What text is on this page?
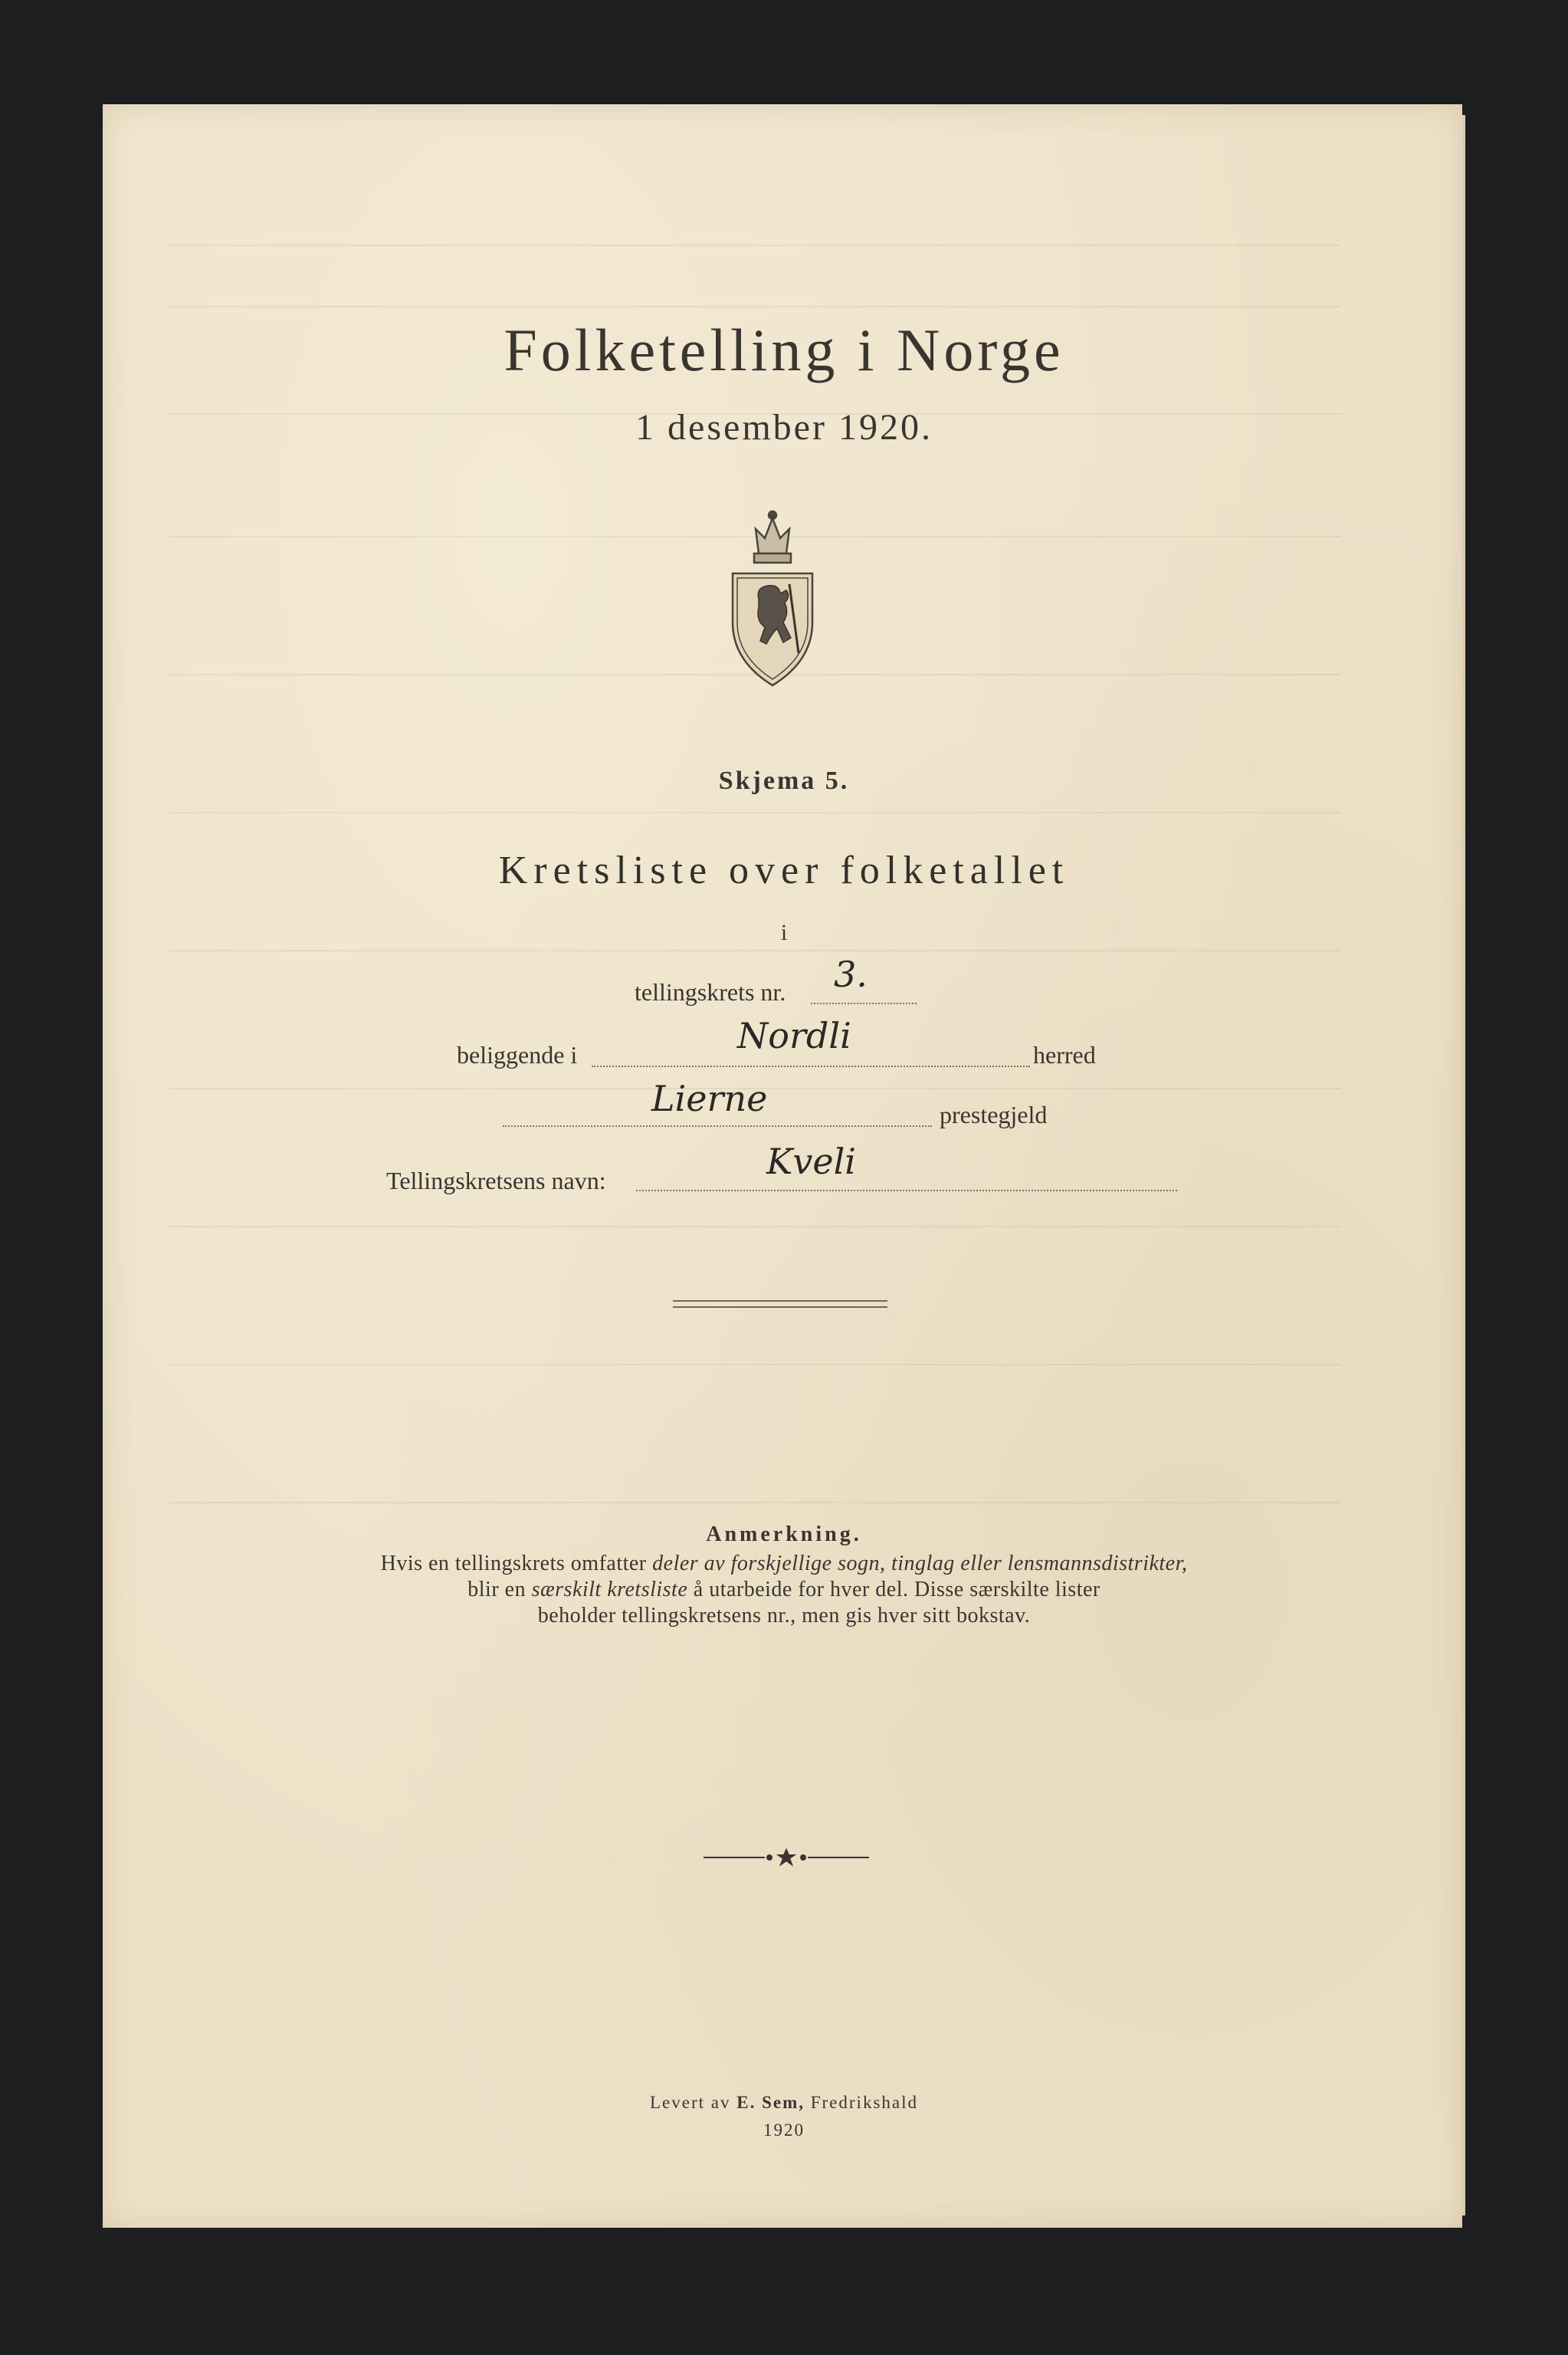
Folketelling i Norge
1 desember 1920.
Skjema 5.
Kretsliste over folketallet
i
tellingskrets nr. 3.
beliggende i	Nordli	herred
Lierne	prestegjeld
Tellingskretsens navn:	Kveli
Anmerkning.
Hvis en tellingskrets omfatter deler av forskjellige sogn, tinglag eller lensmannsdistrikter,
blir en særskilt kretsliste å utarbeide for hver del. Disse særskilte lister
beholder tellingskretsens nr., men gis hver sitt bokstav.
Levert av E. Sem, Fredrikshald
1920
